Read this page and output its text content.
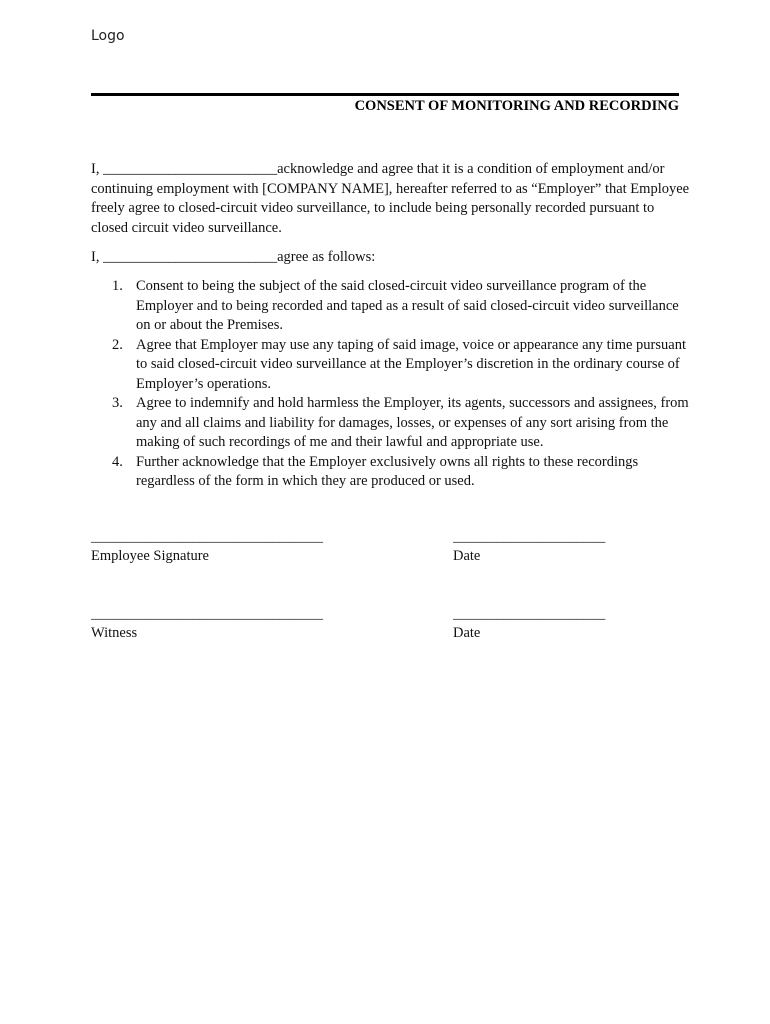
Logo
CONSENT OF MONITORING AND RECORDING
I, ________________________acknowledge and agree that it is a condition of employment and/or continuing employment with [COMPANY NAME], hereafter referred to as “Employer” that Employee freely agree to closed-circuit video surveillance, to include being personally recorded pursuant to closed circuit video surveillance.
I, ________________________agree as follows:
1. Consent to being the subject of the said closed-circuit video surveillance program of the Employer and to being recorded and taped as a result of said closed-circuit video surveillance on or about the Premises.
2. Agree that Employer may use any taping of said image, voice or appearance any time pursuant to said closed-circuit video surveillance at the Employer’s discretion in the ordinary course of Employer’s operations.
3. Agree to indemnify and hold harmless the Employer, its agents, successors and assignees, from any and all claims and liability for damages, losses, or expenses of any sort arising from the making of such recordings of me and their lawful and appropriate use.
4. Further acknowledge that the Employer exclusively owns all rights to these recordings regardless of the form in which they are produced or used.
________________________________
Employee Signature
_____________________
Date
________________________________
Witness
_____________________
Date
